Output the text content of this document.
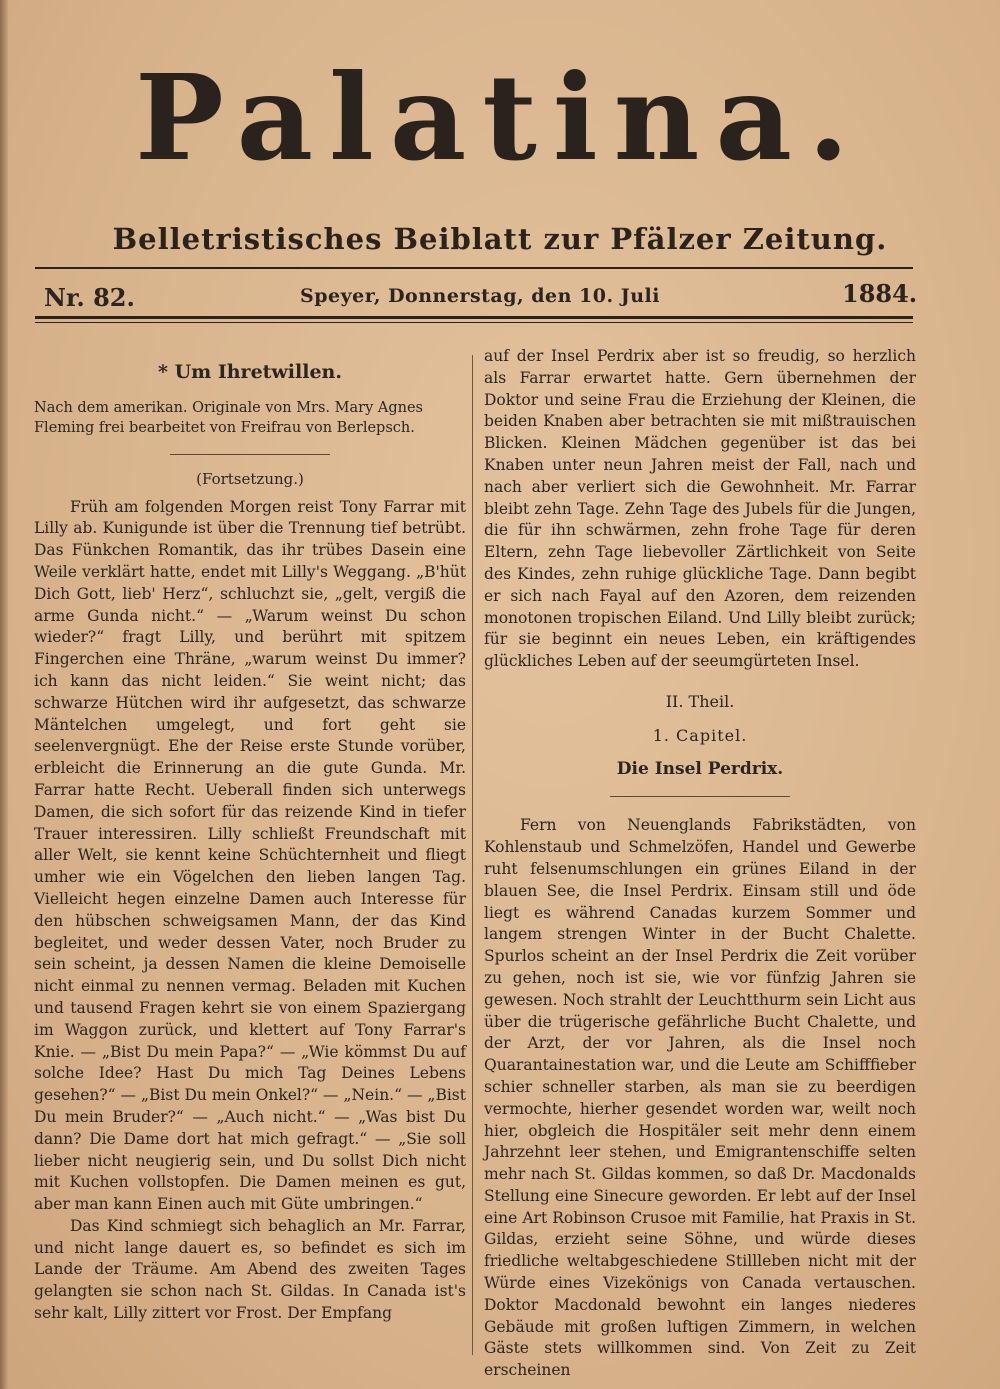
Palatina.
Belletristisches Beiblatt zur Pfälzer Zeitung.
Nr. 82.	Speyer, Donnerstag, den 10. Juli	1884.
* Um Ihretwillen.
Nach dem amerikan. Originale von Mrs. Mary Agnes Fleming frei bearbeitet von Freifrau von Berlepsch.
(Fortsetzung.)

Früh am folgenden Morgen reist Tony Farrar mit Lilly ab. Kunigunde ist über die Trennung tief betrübt. Das Fünkchen Romantik, das ihr trübes Dasein eine Weile verklärt hatte, endet mit Lilly's Weggang. „B'hüt Dich Gott, lieb' Herz“, schluchzt sie, „gelt, vergiß die arme Gunda nicht.“ — „Warum weinst Du schon wieder?“ fragt Lilly, und berührt mit spitzem Fingerchen eine Thräne, „warum weinst Du immer? ich kann das nicht leiden.“ Sie weint nicht; das schwarze Hütchen wird ihr aufgesetzt, das schwarze Mäntelchen umgelegt, und fort geht sie seelenvergnügt. Ehe der Reise erste Stunde vorüber, erbleicht die Erinnerung an die gute Gunda. Mr. Farrar hatte Recht. Ueberall finden sich unterwegs Damen, die sich sofort für das reizende Kind in tiefer Trauer interessiren. Lilly schließt Freundschaft mit aller Welt, sie kennt keine Schüchternheit und fliegt umher wie ein Vögelchen den lieben langen Tag. Vielleicht hegen einzelne Damen auch Interesse für den hübschen schweigsamen Mann, der das Kind begleitet, und weder dessen Vater, noch Bruder zu sein scheint, ja dessen Namen die kleine Demoiselle nicht einmal zu nennen vermag. Beladen mit Kuchen und tausend Fragen kehrt sie von einem Spaziergang im Waggon zurück, und klettert auf Tony Farrar's Knie. — „Bist Du mein Papa?“ — „Wie kömmst Du auf solche Idee? Hast Du mich Tag Deines Lebens gesehen?“ — „Bist Du mein Onkel?“ — „Nein.“ — „Bist Du mein Bruder?“ — „Auch nicht.“ — „Was bist Du dann? Die Dame dort hat mich gefragt.“ — „Sie soll lieber nicht neugierig sein, und Du sollst Dich nicht mit Kuchen vollstopfen. Die Damen meinen es gut, aber man kann Einen auch mit Güte umbringen.“

Das Kind schmiegt sich behaglich an Mr. Farrar, und nicht lange dauert es, so befindet es sich im Lande der Träume. Am Abend des zweiten Tages gelangten sie schon nach St. Gildas. In Canada ist's sehr kalt, Lilly zittert vor Frost. Der Empfang

auf der Insel Perdrix aber ist so freudig, so herzlich als Farrar erwartet hatte. Gern übernehmen der Doktor und seine Frau die Erziehung der Kleinen, die beiden Knaben aber betrachten sie mit mißtrauischen Blicken. Kleinen Mädchen gegenüber ist das bei Knaben unter neun Jahren meist der Fall, nach und nach aber verliert sich die Gewohnheit. Mr. Farrar bleibt zehn Tage. Zehn Tage des Jubels für die Jungen, die für ihn schwärmen, zehn frohe Tage für deren Eltern, zehn Tage liebevoller Zärtlichkeit von Seite des Kindes, zehn ruhige glückliche Tage. Dann begibt er sich nach Fayal auf den Azoren, dem reizenden monotonen tropischen Eiland. Und Lilly bleibt zurück; für sie beginnt ein neues Leben, ein kräftigendes glückliches Leben auf der seeumgürteten Insel.

II. Theil.
1. Capitel.
Die Insel Perdrix.

Fern von Neuenglands Fabrikstädten, von Kohlenstaub und Schmelzöfen, Handel und Gewerbe ruht felsenumschlungen ein grünes Eiland in der blauen See, die Insel Perdrix. Einsam still und öde liegt es während Canadas kurzem Sommer und langem strengen Winter in der Bucht Chalette. Spurlos scheint an der Insel Perdrix die Zeit vorüber zu gehen, noch ist sie, wie vor fünfzig Jahren sie gewesen. Noch strahlt der Leuchtthurm sein Licht aus über die trügerische gefährliche Bucht Chalette, und der Arzt, der vor Jahren, als die Insel noch Quarantainestation war, und die Leute am Schifffieber schier schneller starben, als man sie zu beerdigen vermochte, hierher gesendet worden war, weilt noch hier, obgleich die Hospitäler seit mehr denn einem Jahrzehnt leer stehen, und Emigrantenschiffe selten mehr nach St. Gildas kommen, so daß Dr. Macdonalds Stellung eine Sinecure geworden. Er lebt auf der Insel eine Art Robinson Crusoe mit Familie, hat Praxis in St. Gildas, erzieht seine Söhne, und würde dieses friedliche weltabgeschiedene Stillleben nicht mit der Würde eines Vizekönigs von Canada vertauschen. Doktor Macdonald bewohnt ein langes niederes Gebäude mit großen luftigen Zimmern, in welchen Gäste stets willkommen sind. Von Zeit zu Zeit erscheinen
